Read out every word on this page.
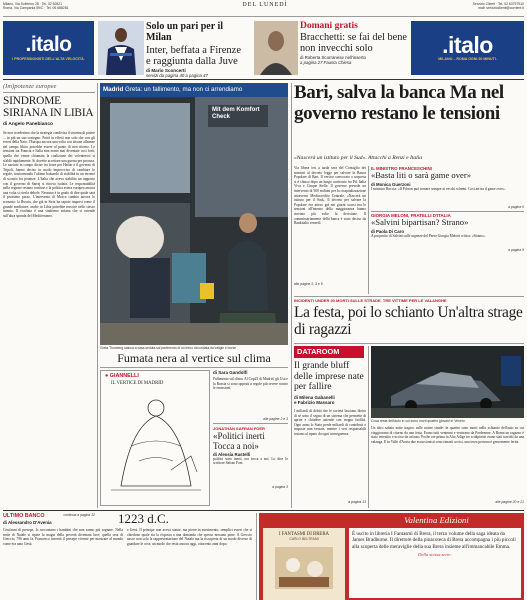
Milano, Via Solferino 28 · Tel. 02 62821
Roma, Via Campania 59/C · Tel. 06 688281
DEL LUNEDÌ	Servizio Clienti · Tel. 02 63797510
mail: servizioclienti@corriere.it
.italo
I PROFESSIONISTI DELL'ALTA VELOCITÀ.
Solo un pari per il Milan
Inter, beffata a Firenze e raggiunta dalla Juve
di Mario Sconcerti
servizi da pagina 40 a pagina 47
Domani gratis
Bracchetti: se fai del bene non invecchi solo
di Roberta Scorranese nell'inserto
a pagina 27 Fausta Chiesa
.italo
MILANO – ROMA OGNI 30 MINUTI.
(Im)potenze europee
SINDROME SIRIANA IN LIBIA
di Angelo Panebianco
Se non cisedesimo che la strategia condivisa il sistema di potere ... in più un suo sostegno. Potrà in effetti non solo che con gli errori della Nato, l'Europa ancora una volta con alcune alleanze nel campo libico potrebbe essere al punto di non ritorno. Le tensioni tra Francia e Italia non erano mai diventate così forti; quella che venne chiamata la coalizione dei volenterosi si sfaldò rapidamente. Si dovette accettare una guerra per procura. Le nazioni in campo divise tra forze pro Haftar e il governo di Tripoli, hanno deciso in modo improvviso di cambiare le regole, trasformando l'ultimo baluardo di stabilità in un terreno di scontro fra potenze. L'Italia che aveva stabilito un rapporto con il governo di Sarraj si ritrova isolata. Le responsabilità nella regione restano confuse e la politica estera europea ancora una volta si rivela debole. Nessuno è in grado di dire quale sarà il prossimo passo. L'intervento di Mosca cambia ancora lo scenario: la Russia, che già in Siria ha saputo imporsi come il grande mediatore, anche in Libia potrebbe riuscire nello stesso intento. Il risultato è una sindrome siriana che si estende sull'altra sponda del Mediterraneo.
continua a pagina 32
Madrid Greta: un fallimento, ma non ci arrendiamo
Mit dem Komfort Check
Greta Thunberg stanca a casa seduta sul pavimento di un treno circondata da valigie e borse
Bari, salva la banca Ma nel governo restano le tensioni
«Nascerà un istituto per il Sud». Attacchi a Renzi e Italia
Via libera ieri a tarda sera del Consiglio dei ministri al decreto legge per salvare la Banca Popolare di Bari. Il vertice convocato a sorpresa si è chiuso dopo un lungo confronto fra Pd, Italia Viva e Cinque Stelle. Il governo prevede un intervento di 900 milioni per la ricapitalizzazione attraverso Mediocredito Centrale. «Nascerà un istituto per il Sud». Il decreto per salvare la Popolare era atteso già nei giorni scorsi ma le tensioni all'interno della maggioranza hanno rinviato più volte la decisione. Il commissariamento della banca è stato deciso da Bankitalia venerdì.
alle pagine 2, 3 e 5
IL MINISTRO FRANCESCHINI
«Basta liti o sarà game over»
di Monica Guerzoni
I ministro Boccia: «Il Pd non può tornare sempre ai vecchi schemi. Così arriva il game over».
a pagina 6
GIORGIA MELONI, FRATELLI D'ITALIA
«Salvini bipartisan? Strano»
di Paola Di Caro
A proposito di Salvini sulle urgenze del Paese Giorgia Meloni critica: «Strano».
a pagina 9
INCIDENTI UNDER 30 MORTI SULLE STRADE. TRE VITTIME PER LE VALANGHE
La festa, poi lo schianto Un'altra strage di ragazzi
DATAROOM
Il grande bluff delle imprese nate per fallire
di Milena Gabanelli
e Fabrizio Massaro
I miliardi di debiti che le società lasciano dietro di sé sono il segno di un sistema che permette di aprire e chiudere aziende con troppa facilità. Ogni anno lo Stato perde miliardi di contributi e imposte non versate, mentre i veri responsabili restano al riparo da ogni conseguenza.
a pagina 13
Cosa resta dell'auto in cui sono morti quattro giovani in Veneto
Un altro sabato notte tragico sulle nostre strade: in quattro sono morti nello schianto dell'auto su cui viaggiavano di ritorno da una festa. Erano tutti ventenni e venivano da Pordenone. A Roma un ragazzo è stato investito e ucciso da un'auto. Poche ore prima in Alto Adige tre scialpinisti erano stati travolti da una valanga. E in Valle d'Aosta due escursionisti sono rimasti uccisi, una terza persona è gravemente ferita.
alle pagine 20 e 21
Fumata nera al vertice sul clima
● GIANNELLI
IL VERTICE DI MADRID
di Sara Gandolfi
Fallimento sul clima. Al Cop25 di Madrid, gli Usa e la Russia si sono opposti a regole più severe contro le emissioni.
alle pagine 2 e 3
JONATHAN SAFRAN FOER
«Politici inerti Tocca a noi»
di Alessia Rastelli
politici sono inerti, ora tocca a noi. Lo dice lo scrittore Safran Foer.
a pagina 3
ULTIMO BANCO
di Alessandro D'Avenia	1223 d.C.
Cent'anni di presepe, lo raccontano i bambini che non sanno più sognare. Nella notte di Natale si ripete la magia della povertà diventata luce; quella sera di Greccio, 796 anni fa, Francesco inventò il presepe vivente per mostrare al mondo come era nato Gesù.
e Gesù. Il principe non aveva statue, ma pietre in movimento, semplici esseri che si chiedono quale sia la risposta a una domanda che spesso nessuno pone. A Greccio nasce non solo la rappresentazione del Natale ma la riscoperta di un modo diverso di guardare le cose, un modo che resta ancora oggi, ottocento anni dopo.
Valentina Edizioni
I FANTASMI DI BRERA
CARLO BELTRAMI
È uscito in libreria I Fantasmi di Brera, il terzo volume della saga ideata da James Bradburne. Il direttore della pinacoteca di Brera accompagna i più piccoli alla scoperta delle meraviglie della sua Brera insieme all'immancabile Emma.
Della stessa serie:
